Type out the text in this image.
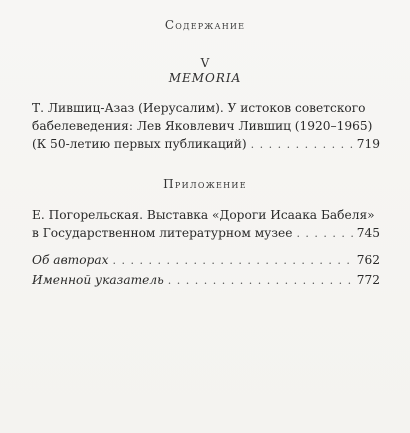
Содержание
V
MEMORIA
Т. Лившиц-Азаз (Иерусалим). У истоков советского
бабелеведения: Лев Яковлевич Лившиц (1920–1965)
(К 50-летию первых публикаций) . . .	719
Приложение
Е. Погорельская. Выставка «Дороги Исаака Бабеля»
в Государственном литературном музее . . .	745
Об авторах . . .	762
Именной указатель . . .	772
